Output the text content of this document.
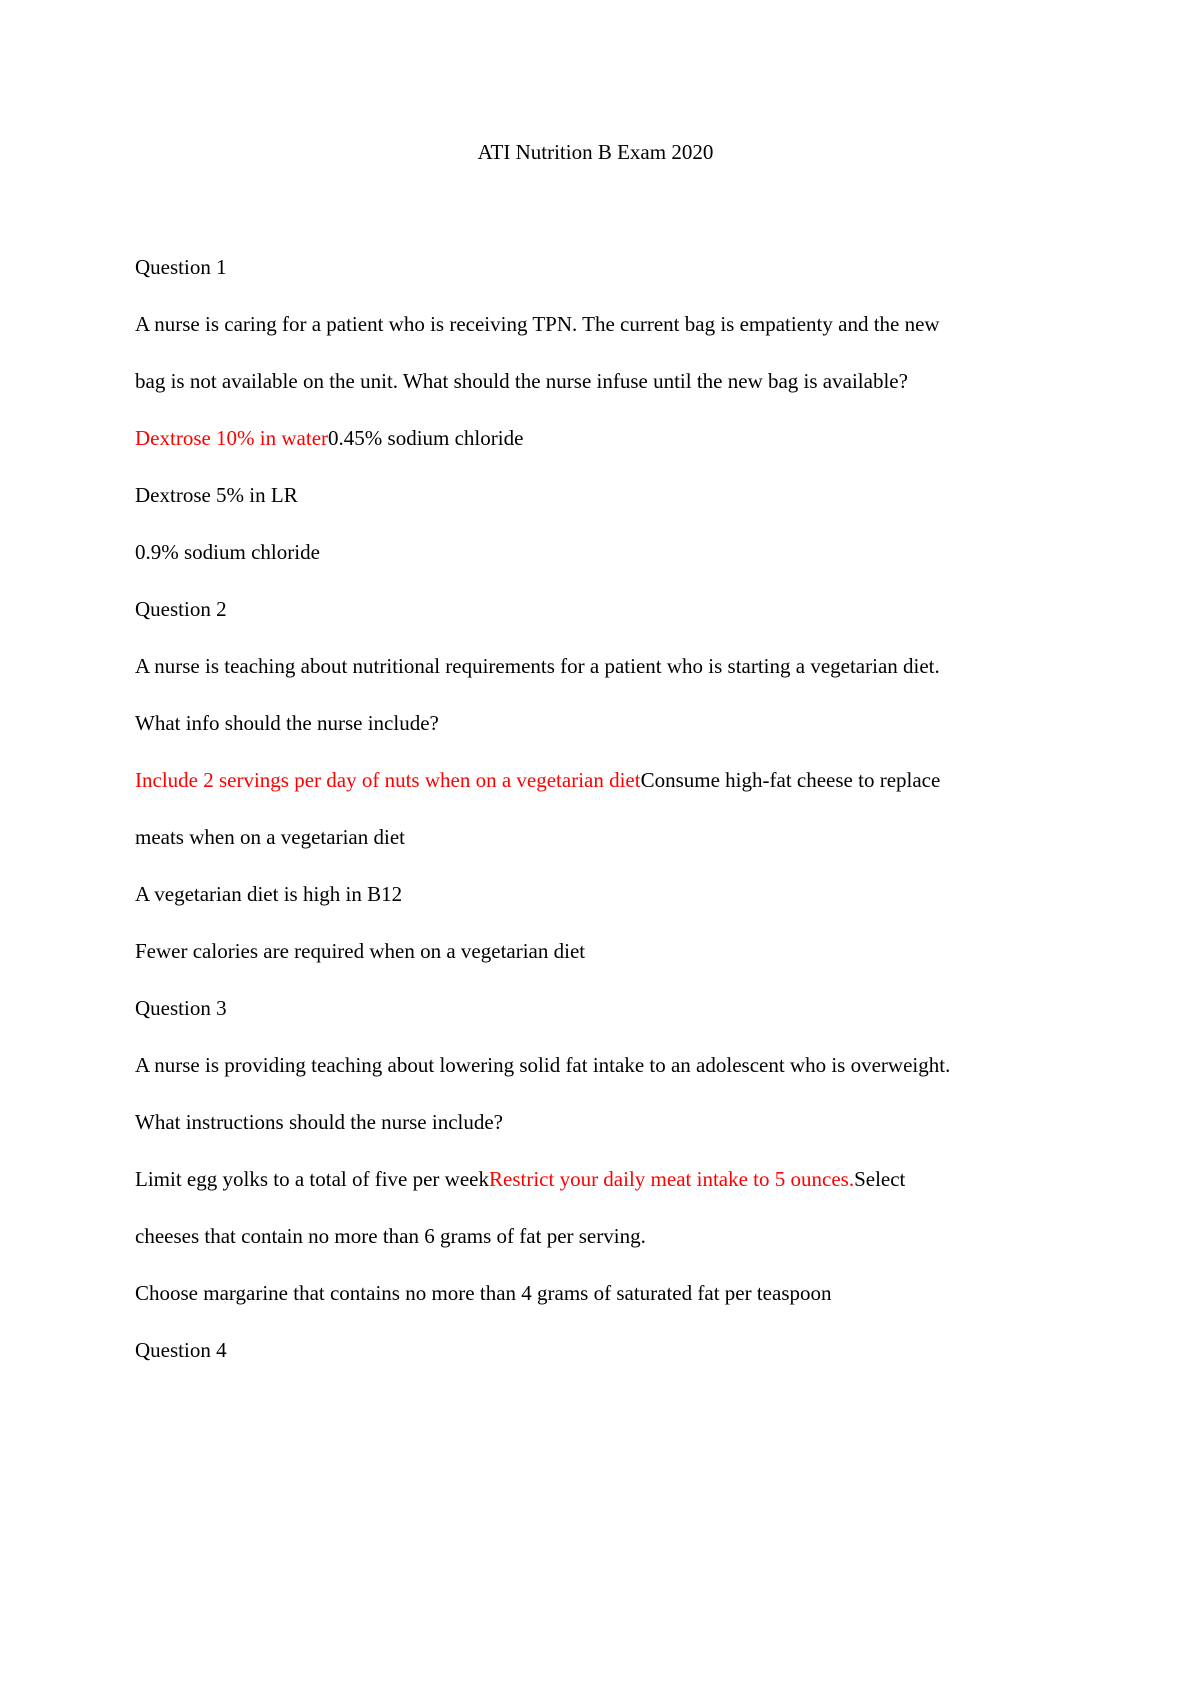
ATI Nutrition B Exam 2020
Question 1
A nurse is caring for a patient who is receiving TPN. The current bag is empatienty and the new
bag is not available on the unit. What should the nurse infuse until the new bag is available?
Dextrose 10% in water0.45% sodium chloride
Dextrose 5% in LR
0.9% sodium chloride
Question 2
A nurse is teaching about nutritional requirements for a patient who is starting a vegetarian diet.
What info should the nurse include?
Include 2 servings per day of nuts when on a vegetarian dietConsume high-fat cheese to replace
meats when on a vegetarian diet
A vegetarian diet is high in B12
Fewer calories are required when on a vegetarian diet
Question 3
A nurse is providing teaching about lowering solid fat intake to an adolescent who is overweight.
What instructions should the nurse include?
Limit egg yolks to a total of five per weekRestrict your daily meat intake to 5 ounces.Select
cheeses that contain no more than 6 grams of fat per serving.
Choose margarine that contains no more than 4 grams of saturated fat per teaspoon
Question 4
